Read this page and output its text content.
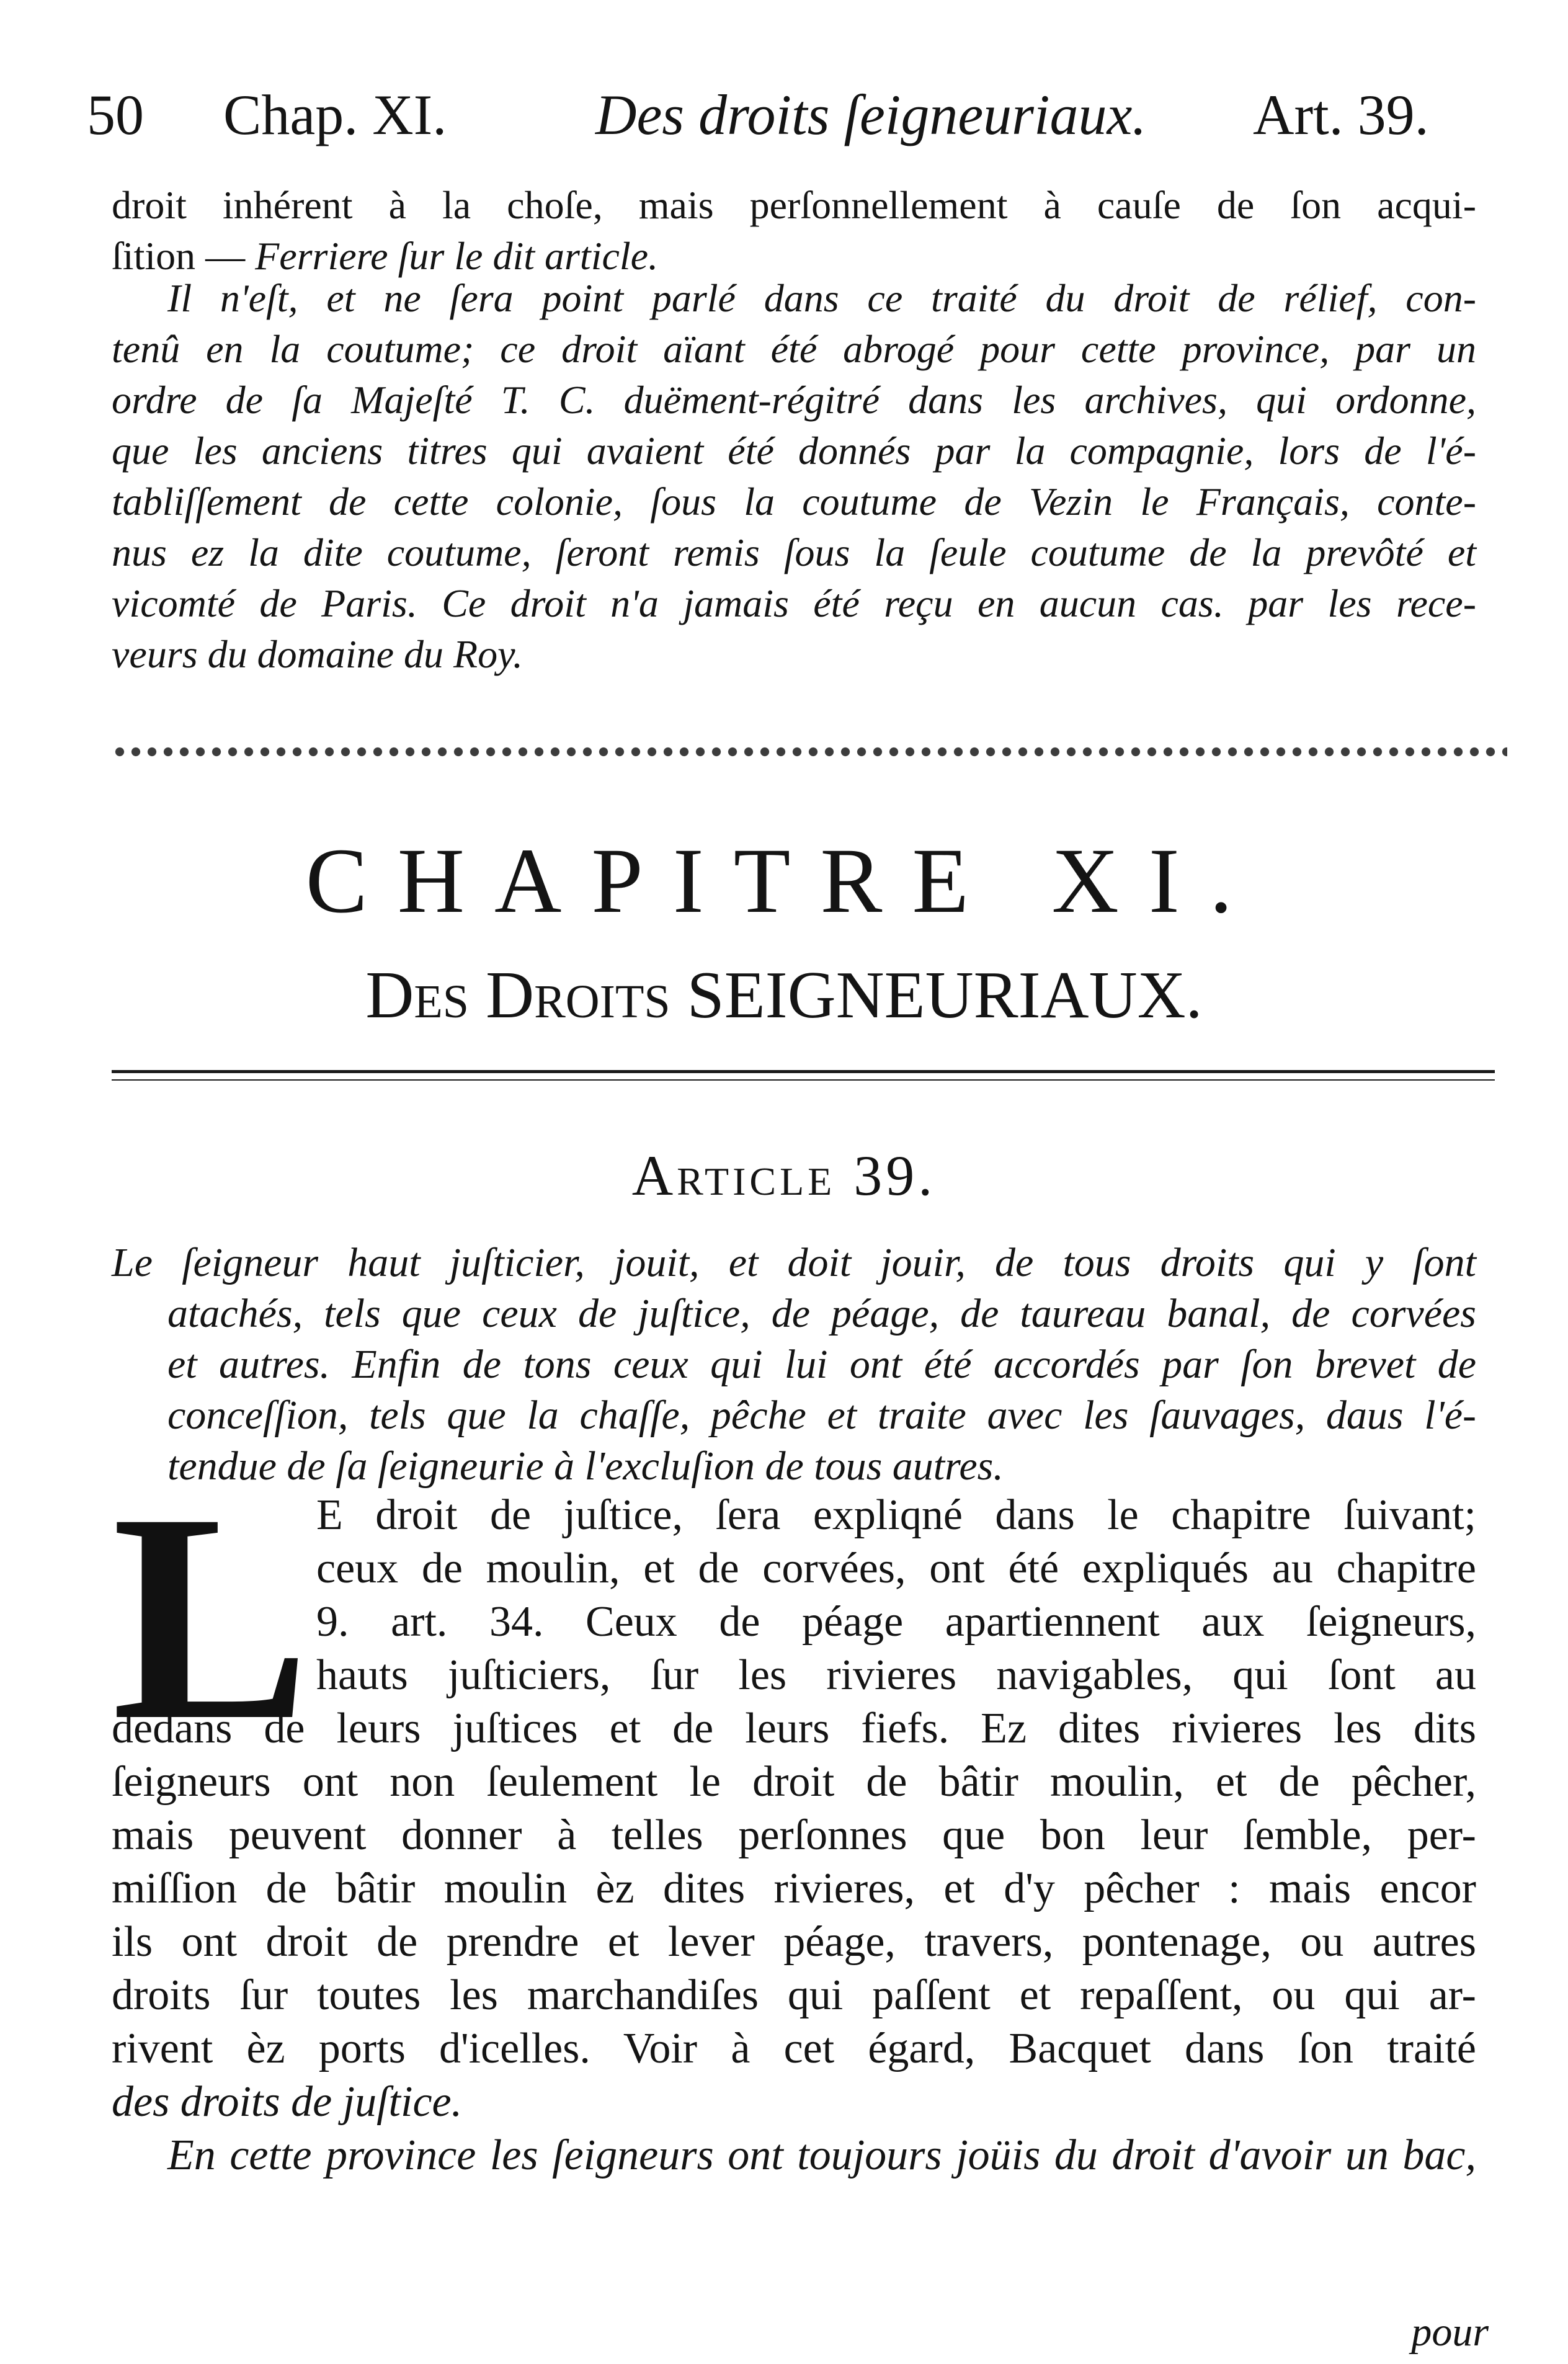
50 Chap. XI.	Des droits ſeigneuriaux. Art. 39.
droit inhérent à la choſe, mais perſonnellement à cauſe de ſon acqui-
ſition — Ferriere ſur le dit article.
Il n'eſt, et ne ſera point parlé dans ce traité du droit de rélief, con-
tenû en la coutume; ce droit aïant été abrogé pour cette province, par un
ordre de ſa Majeſté T. C. duëment-régitré dans les archives, qui ordonne,
que les anciens titres qui avaient été donnés par la compagnie, lors de l'é-
tabliſſement de cette colonie, ſous la coutume de Vezin le Français, conte-
nus ez la dite coutume, ſeront remis ſous la ſeule coutume de la prevôté et
vicomté de Paris. Ce droit n'a jamais été reçu en aucun cas. par les rece-
veurs du domaine du Roy.
CHAPITRE XI.
Des Droits SEIGNEURIAUX.
Article 39.
Le ſeigneur haut juſticier, jouit, et doit jouir, de tous droits qui y ſont
atachés, tels que ceux de juſtice, de péage, de taureau banal, de corvées
et autres. Enfin de tons ceux qui lui ont été accordés par ſon brevet de
conceſſion, tels que la chaſſe, pêche et traite avec les ſauvages, daus l'é-
tendue de ſa ſeigneurie à l'excluſion de tous autres.
L E droit de juſtice, ſera expliqné dans le chapitre ſuivant;
ceux de moulin, et de corvées, ont été expliqués au chapitre
9. art. 34. Ceux de péage apartiennent aux ſeigneurs,
hauts juſticiers, ſur les rivieres navigables, qui ſont au
dedans de leurs juſtices et de leurs fiefs. Ez dites rivieres les dits
ſeigneurs ont non ſeulement le droit de bâtir moulin, et de pêcher,
mais peuvent donner à telles perſonnes que bon leur ſemble, per-
miſſion de bâtir moulin èz dites rivieres, et d'y pêcher : mais encor
ils ont droit de prendre et lever péage, travers, pontenage, ou autres
droits ſur toutes les marchandiſes qui paſſent et repaſſent, ou qui ar-
rivent èz ports d'icelles. Voir à cet égard, Bacquet dans ſon traité
des droits de juſtice.
En cette province les ſeigneurs ont toujours joüis du droit d'avoir un bac,
pour
